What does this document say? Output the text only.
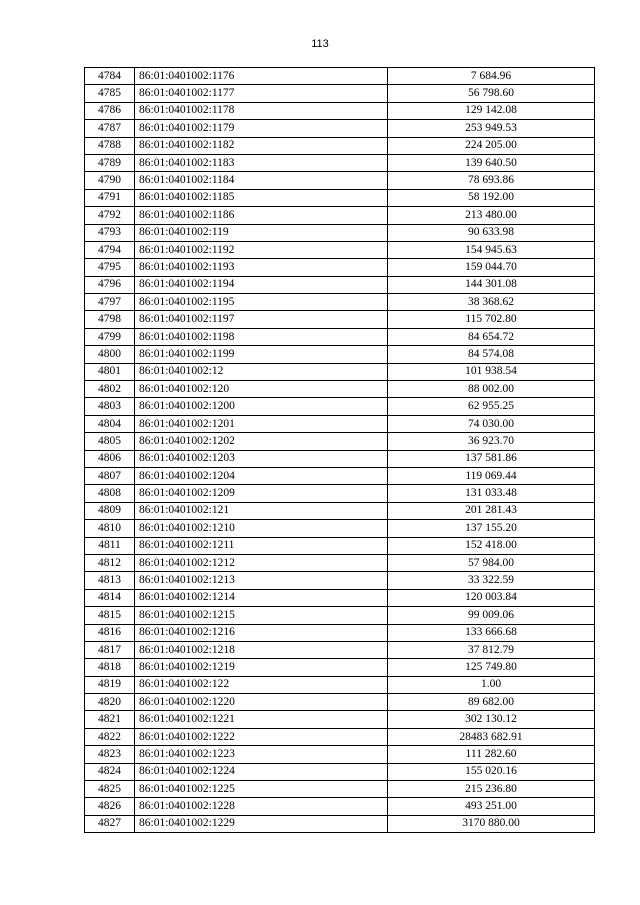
113
4784	86:01:0401002:1176	7 684.96
4785	86:01:0401002:1177	56 798.60
4786	86:01:0401002:1178	129 142.08
4787	86:01:0401002:1179	253 949.53
4788	86:01:0401002:1182	224 205.00
4789	86:01:0401002:1183	139 640.50
4790	86:01:0401002:1184	78 693.86
4791	86:01:0401002:1185	58 192.00
4792	86:01:0401002:1186	213 480.00
4793	86:01:0401002:119	90 633.98
4794	86:01:0401002:1192	154 945.63
4795	86:01:0401002:1193	159 044.70
4796	86:01:0401002:1194	144 301.08
4797	86:01:0401002:1195	38 368.62
4798	86:01:0401002:1197	115 702.80
4799	86:01:0401002:1198	84 654.72
4800	86:01:0401002:1199	84 574.08
4801	86:01:0401002:12	101 938.54
4802	86:01:0401002:120	88 002.00
4803	86:01:0401002:1200	62 955.25
4804	86:01:0401002:1201	74 030.00
4805	86:01:0401002:1202	36 923.70
4806	86:01:0401002:1203	137 581.86
4807	86:01:0401002:1204	119 069.44
4808	86:01:0401002:1209	131 033.48
4809	86:01:0401002:121	201 281.43
4810	86:01:0401002:1210	137 155.20
4811	86:01:0401002:1211	152 418.00
4812	86:01:0401002:1212	57 984.00
4813	86:01:0401002:1213	33 322.59
4814	86:01:0401002:1214	120 003.84
4815	86:01:0401002:1215	99 009.06
4816	86:01:0401002:1216	133 666.68
4817	86:01:0401002:1218	37 812.79
4818	86:01:0401002:1219	125 749.80
4819	86:01:0401002:122	1.00
4820	86:01:0401002:1220	89 682.00
4821	86:01:0401002:1221	302 130.12
4822	86:01:0401002:1222	28483 682.91
4823	86:01:0401002:1223	111 282.60
4824	86:01:0401002:1224	155 020.16
4825	86:01:0401002:1225	215 236.80
4826	86:01:0401002:1228	493 251.00
4827	86:01:0401002:1229	3170 880.00
